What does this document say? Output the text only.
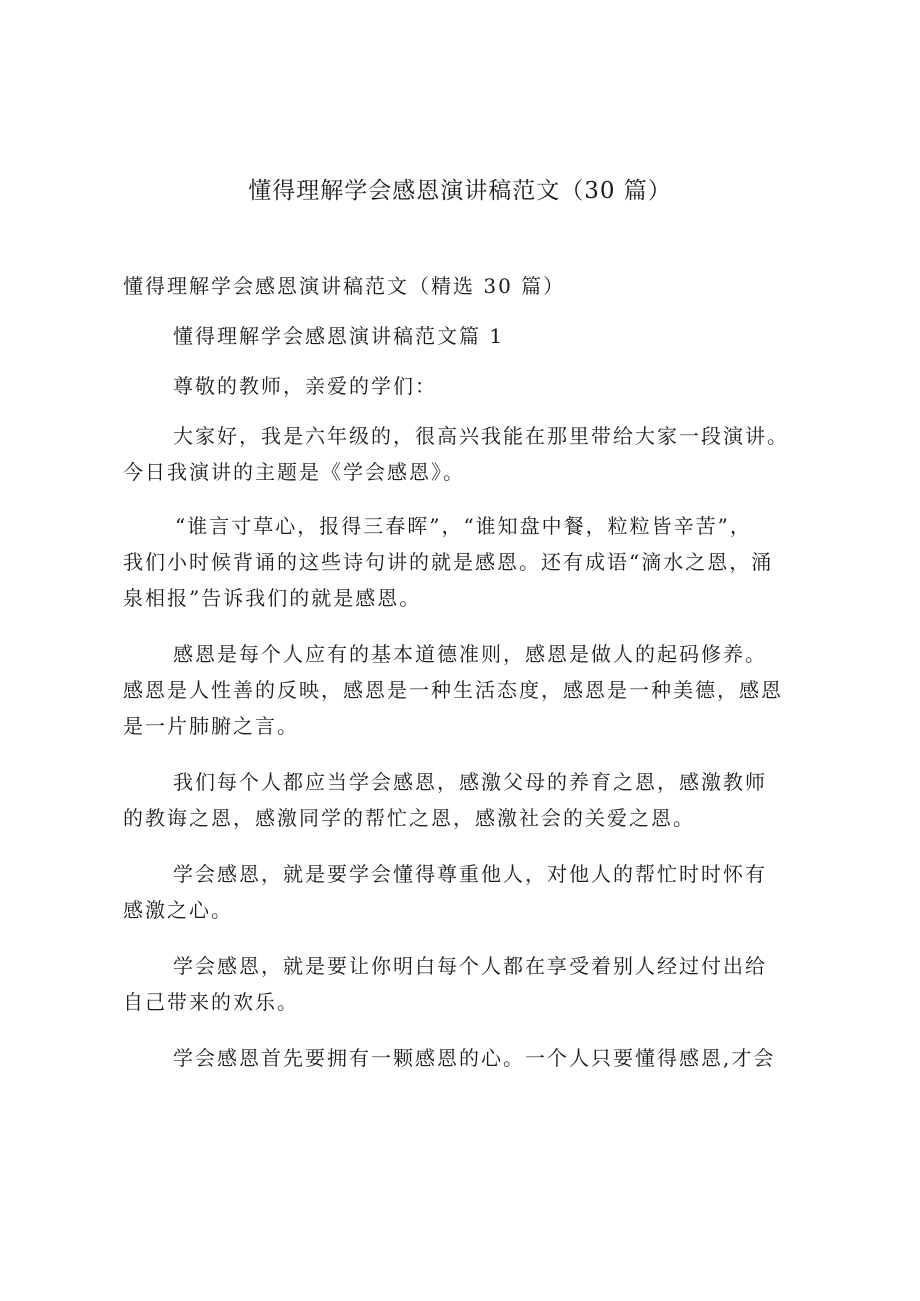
懂得理解学会感恩演讲稿范文（30 篇）

懂得理解学会感恩演讲稿范文（精选 30 篇）

懂得理解学会感恩演讲稿范文篇 1

尊敬的教师，亲爱的学们：

大家好，我是六年级的，很高兴我能在那里带给大家一段演讲。

今日我演讲的主题是《学会感恩》。

“谁言寸草心，报得三春晖”，“谁知盘中餐，粒粒皆辛苦”，

我们小时候背诵的这些诗句讲的就是感恩。还有成语“滴水之恩，涌

泉相报”告诉我们的就是感恩。

感恩是每个人应有的基本道德准则，感恩是做人的起码修养。

感恩是人性善的反映，感恩是一种生活态度，感恩是一种美德，感恩

是一片肺腑之言。

我们每个人都应当学会感恩，感激父母的养育之恩，感激教师

的教诲之恩，感激同学的帮忙之恩，感激社会的关爱之恩。

学会感恩，就是要学会懂得尊重他人，对他人的帮忙时时怀有

感激之心。

学会感恩，就是要让你明白每个人都在享受着别人经过付出给

自己带来的欢乐。

学会感恩首先要拥有一颗感恩的心。一个人只要懂得感恩,才会
